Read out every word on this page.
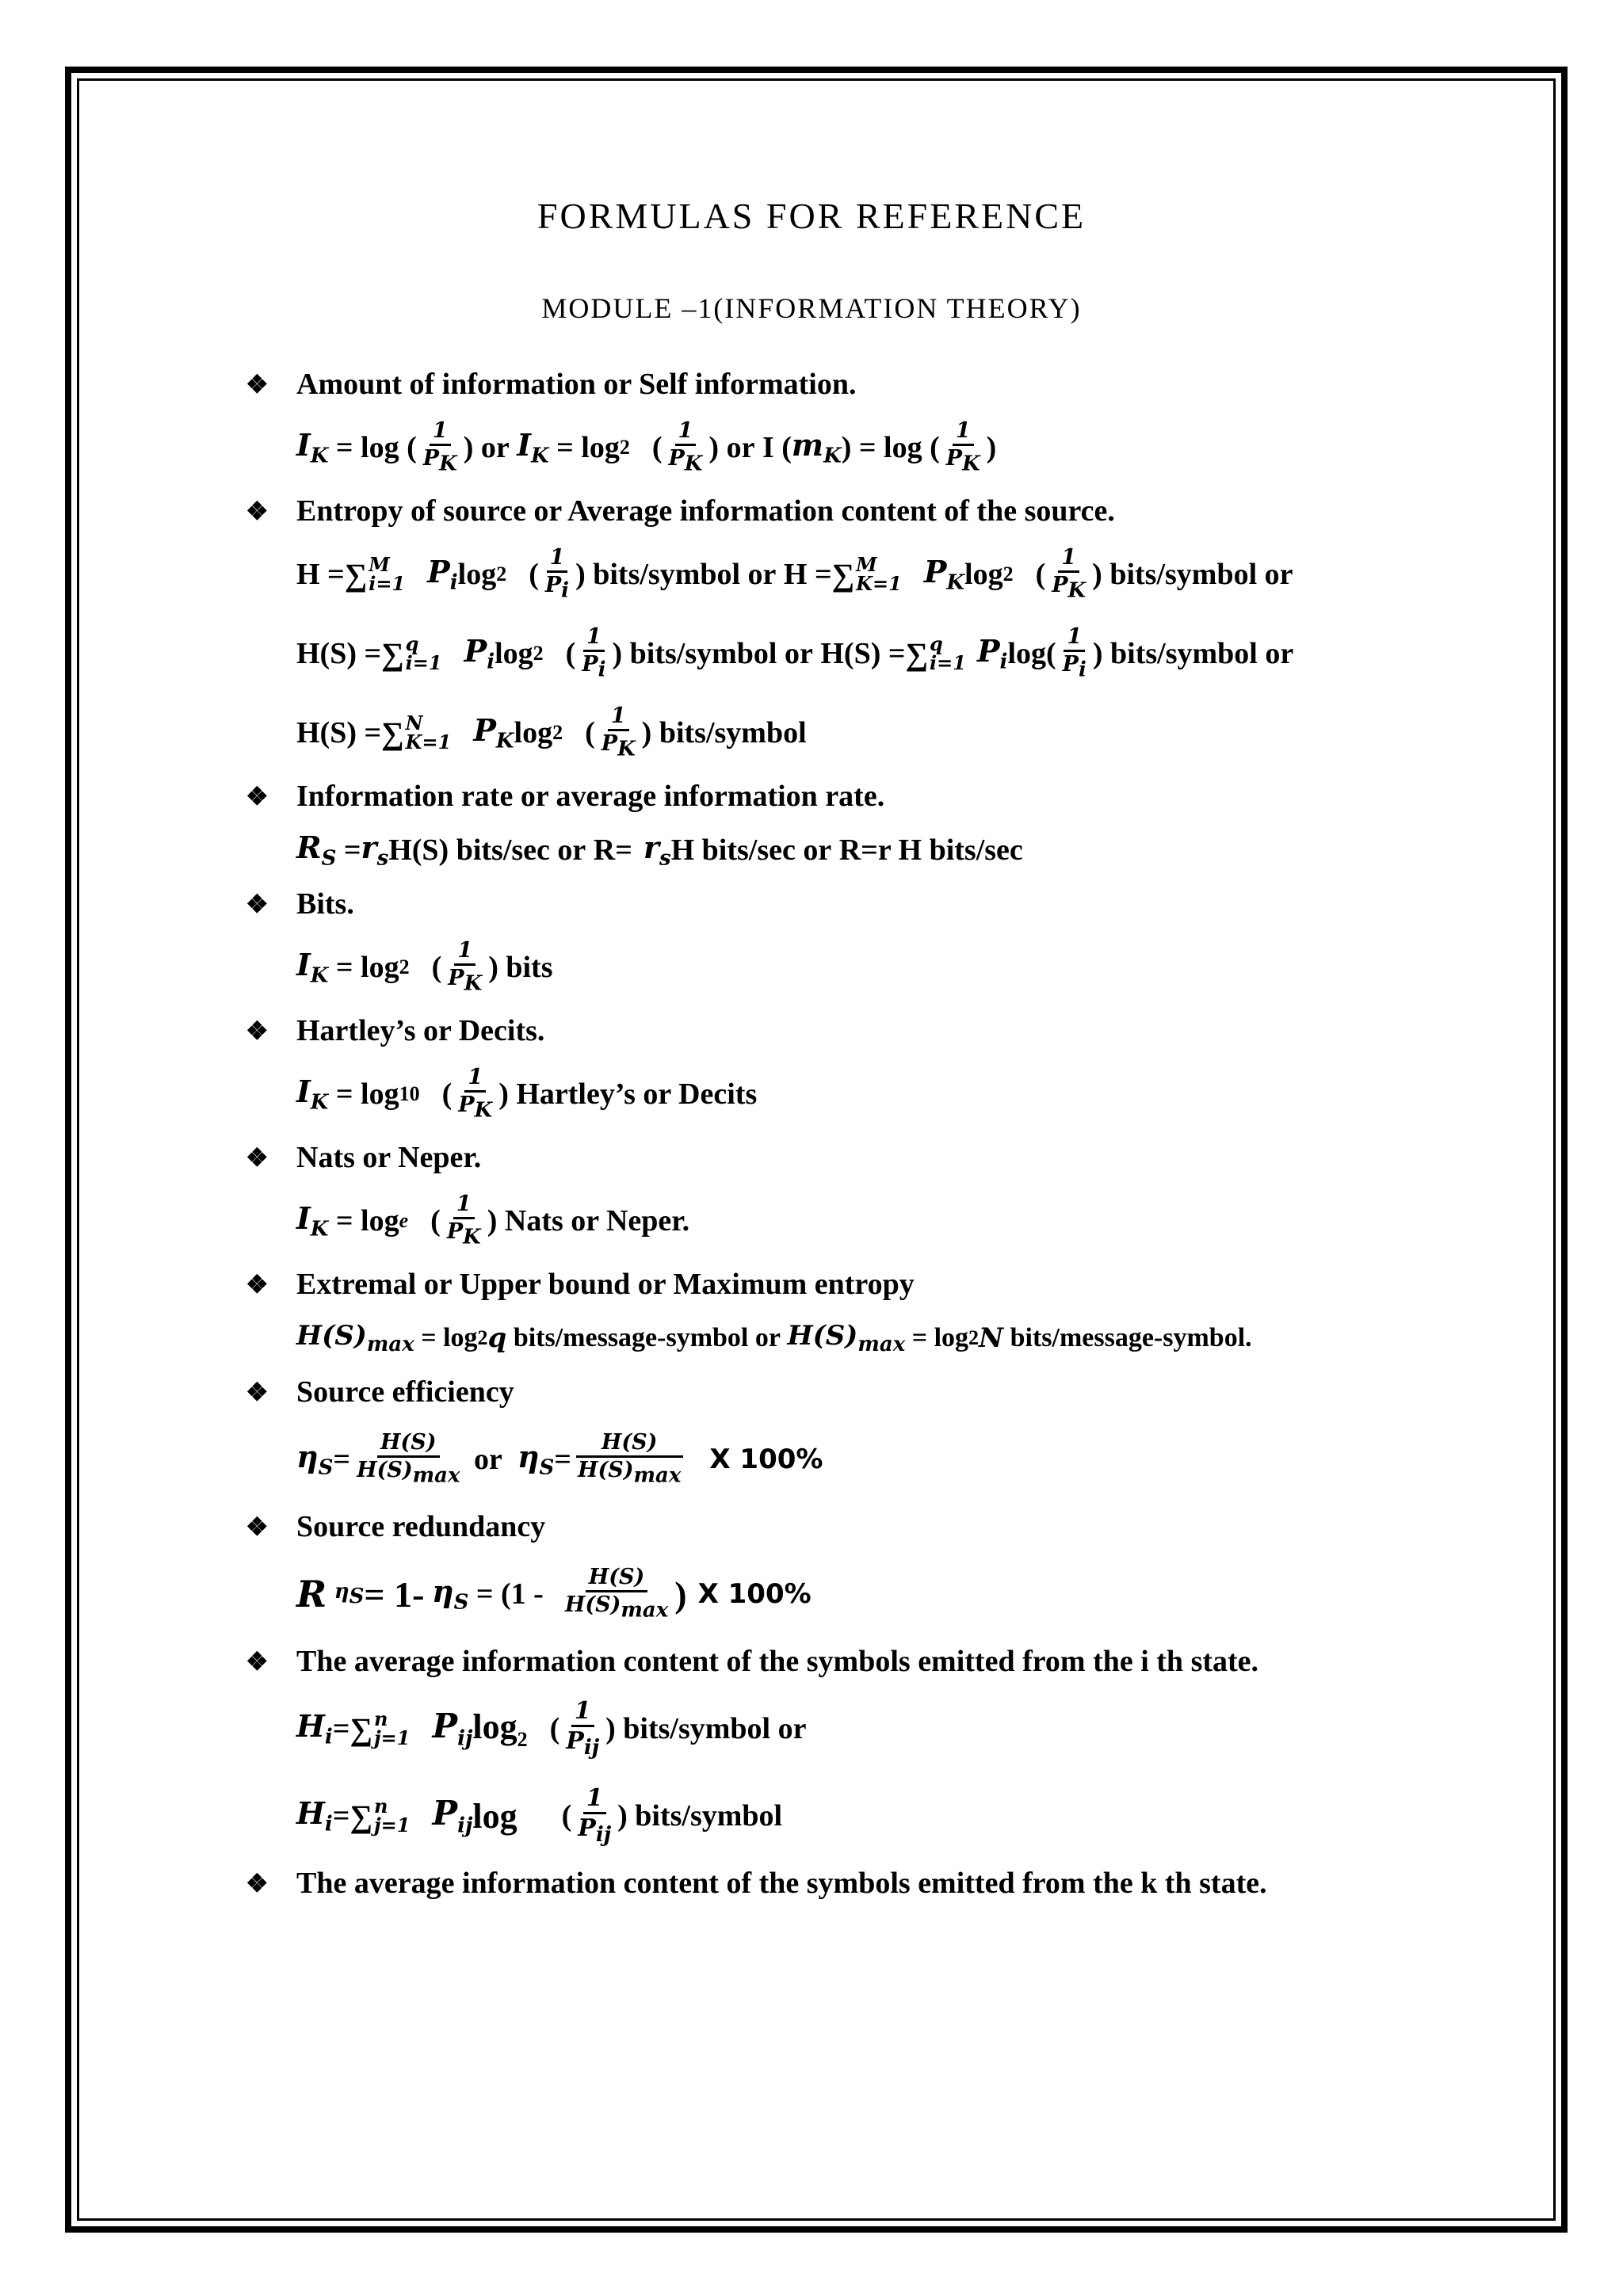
FORMULAS FOR REFERENCE
MODULE –1(INFORMATION THEORY)
❖ Amount of information or Self information.
$I_K = \log$ ( $\frac{1}{P_K}$ ) or
$I_K = \log 2$ ( $\frac{1}{P_K}$ ) or I ( $m_K$ ) = log ( $\frac{1}{P_K}$ )
❖ Entropy of source or Average information content of the source.
H = ∑ M
i=1 $P_i$ log 2 ( $\frac{1}{P_i}$ ) bits/symbol or H = ∑ M
K=1 $P_K$ log 2 ( $\frac{1}{P_K}$ ) bits/symbol or
H(S) = ∑ q
i=1 $P_i$ log 2 ( $\frac{1}{P_i}$ ) bits/symbol or H(S) = ∑ q
i=1 $P_i$ $\log( \frac{1}{P_i}$ ) bits/symbol or
H(S) = ∑ N
K=1 $P_K$ log 2 ( $\frac{1}{P_K}$ ) bits/symbol
❖ Information rate or average information rate.
$R_S = r_s$ H(S) bits/sec
or $R= r_s$ H bits/sec
or R=r H bits/sec
❖ Bits.
$I_K = \log 2$ ( $\frac{1}{P_K}$ ) bits
❖ Hartley’s or Decits.
$I_K = \log 10$ ( $\frac{1}{P_K}$ ) Hartley’s or Decits
❖ Nats or Neper.
$I_K = \log e$ ( $\frac{1}{P_K}$ ) Nats or Neper.
❖ Extremal or Upper bound or Maximum entropy
$H(S)_{max} = \log 2$ q
bits/message-symbol or
$H(S)_{max} = \log 2$ N
bits/message-symbol.
❖ Source efficiency
$\eta_S = \frac{H(S)}{H(S)_{max}}$
or
$\eta_S = \frac{H(S)}{H(S)_{max}}$ X 100%
❖ Source redundancy
R
$\eta_S = 1-$
$\eta_S = (1 - \frac{H(S)}{H(S)_{max}}$ ) X 100%
❖ The average information content of the symbols emitted from the i th state.
$H_i$ = ∑ n
j=1 $P_{ij}$ $\log_2$ ( $\frac{1}{P_{ij}}$ ) bits/symbol or
$H_i$ = ∑ n
j=1 $P_{ij}$ log ( $\frac{1}{P_{ij}}$ ) bits/symbol
❖ The average information content of the symbols emitted from the k th state.
